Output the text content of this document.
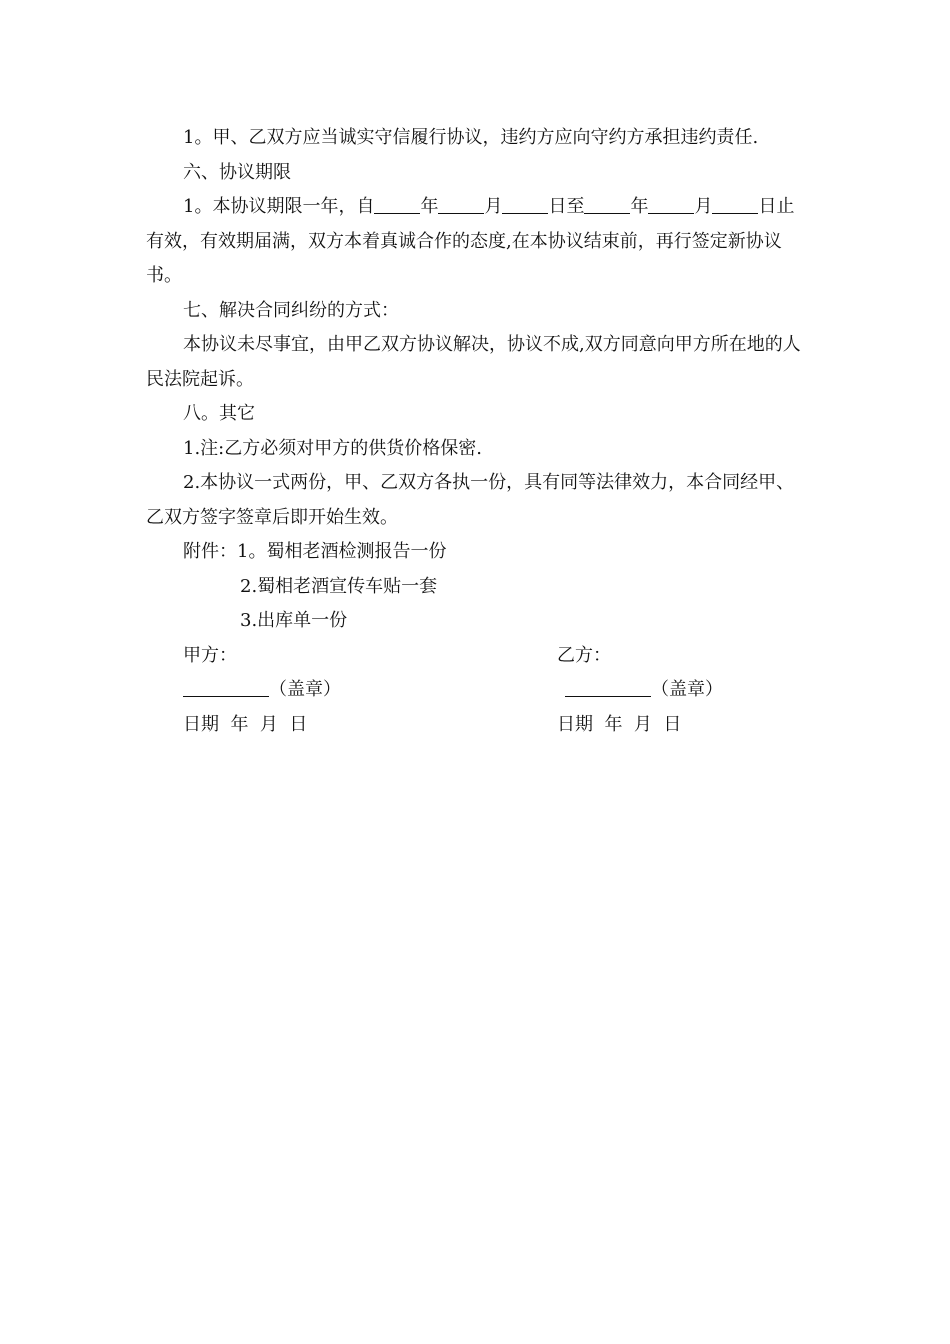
1。甲、乙双方应当诚实守信履行协议，违约方应向守约方承担违约责任.

六、协议期限

1。本协议期限一年，自	年	月	日至	年	月	日止有效，有效期届满，双方本着真诚合作的态度,在本协议结束前，再行签定新协议书。

七、解决合同纠纷的方式：

本协议未尽事宜，由甲乙双方协议解决，协议不成,双方同意向甲方所在地的人民法院起诉。

八。其它

1.注:乙方必须对甲方的供货价格保密.

2.本协议一式两份，甲、乙双方各执一份，具有同等法律效力，本合同经甲、乙双方签字签章后即开始生效。

附件：1。蜀相老酒检测报告一份

2.蜀相老酒宣传车贴一套

3.出库单一份

甲方：	乙方：
（盖章）	（盖章）
日期  年  月  日	日期  年  月  日
